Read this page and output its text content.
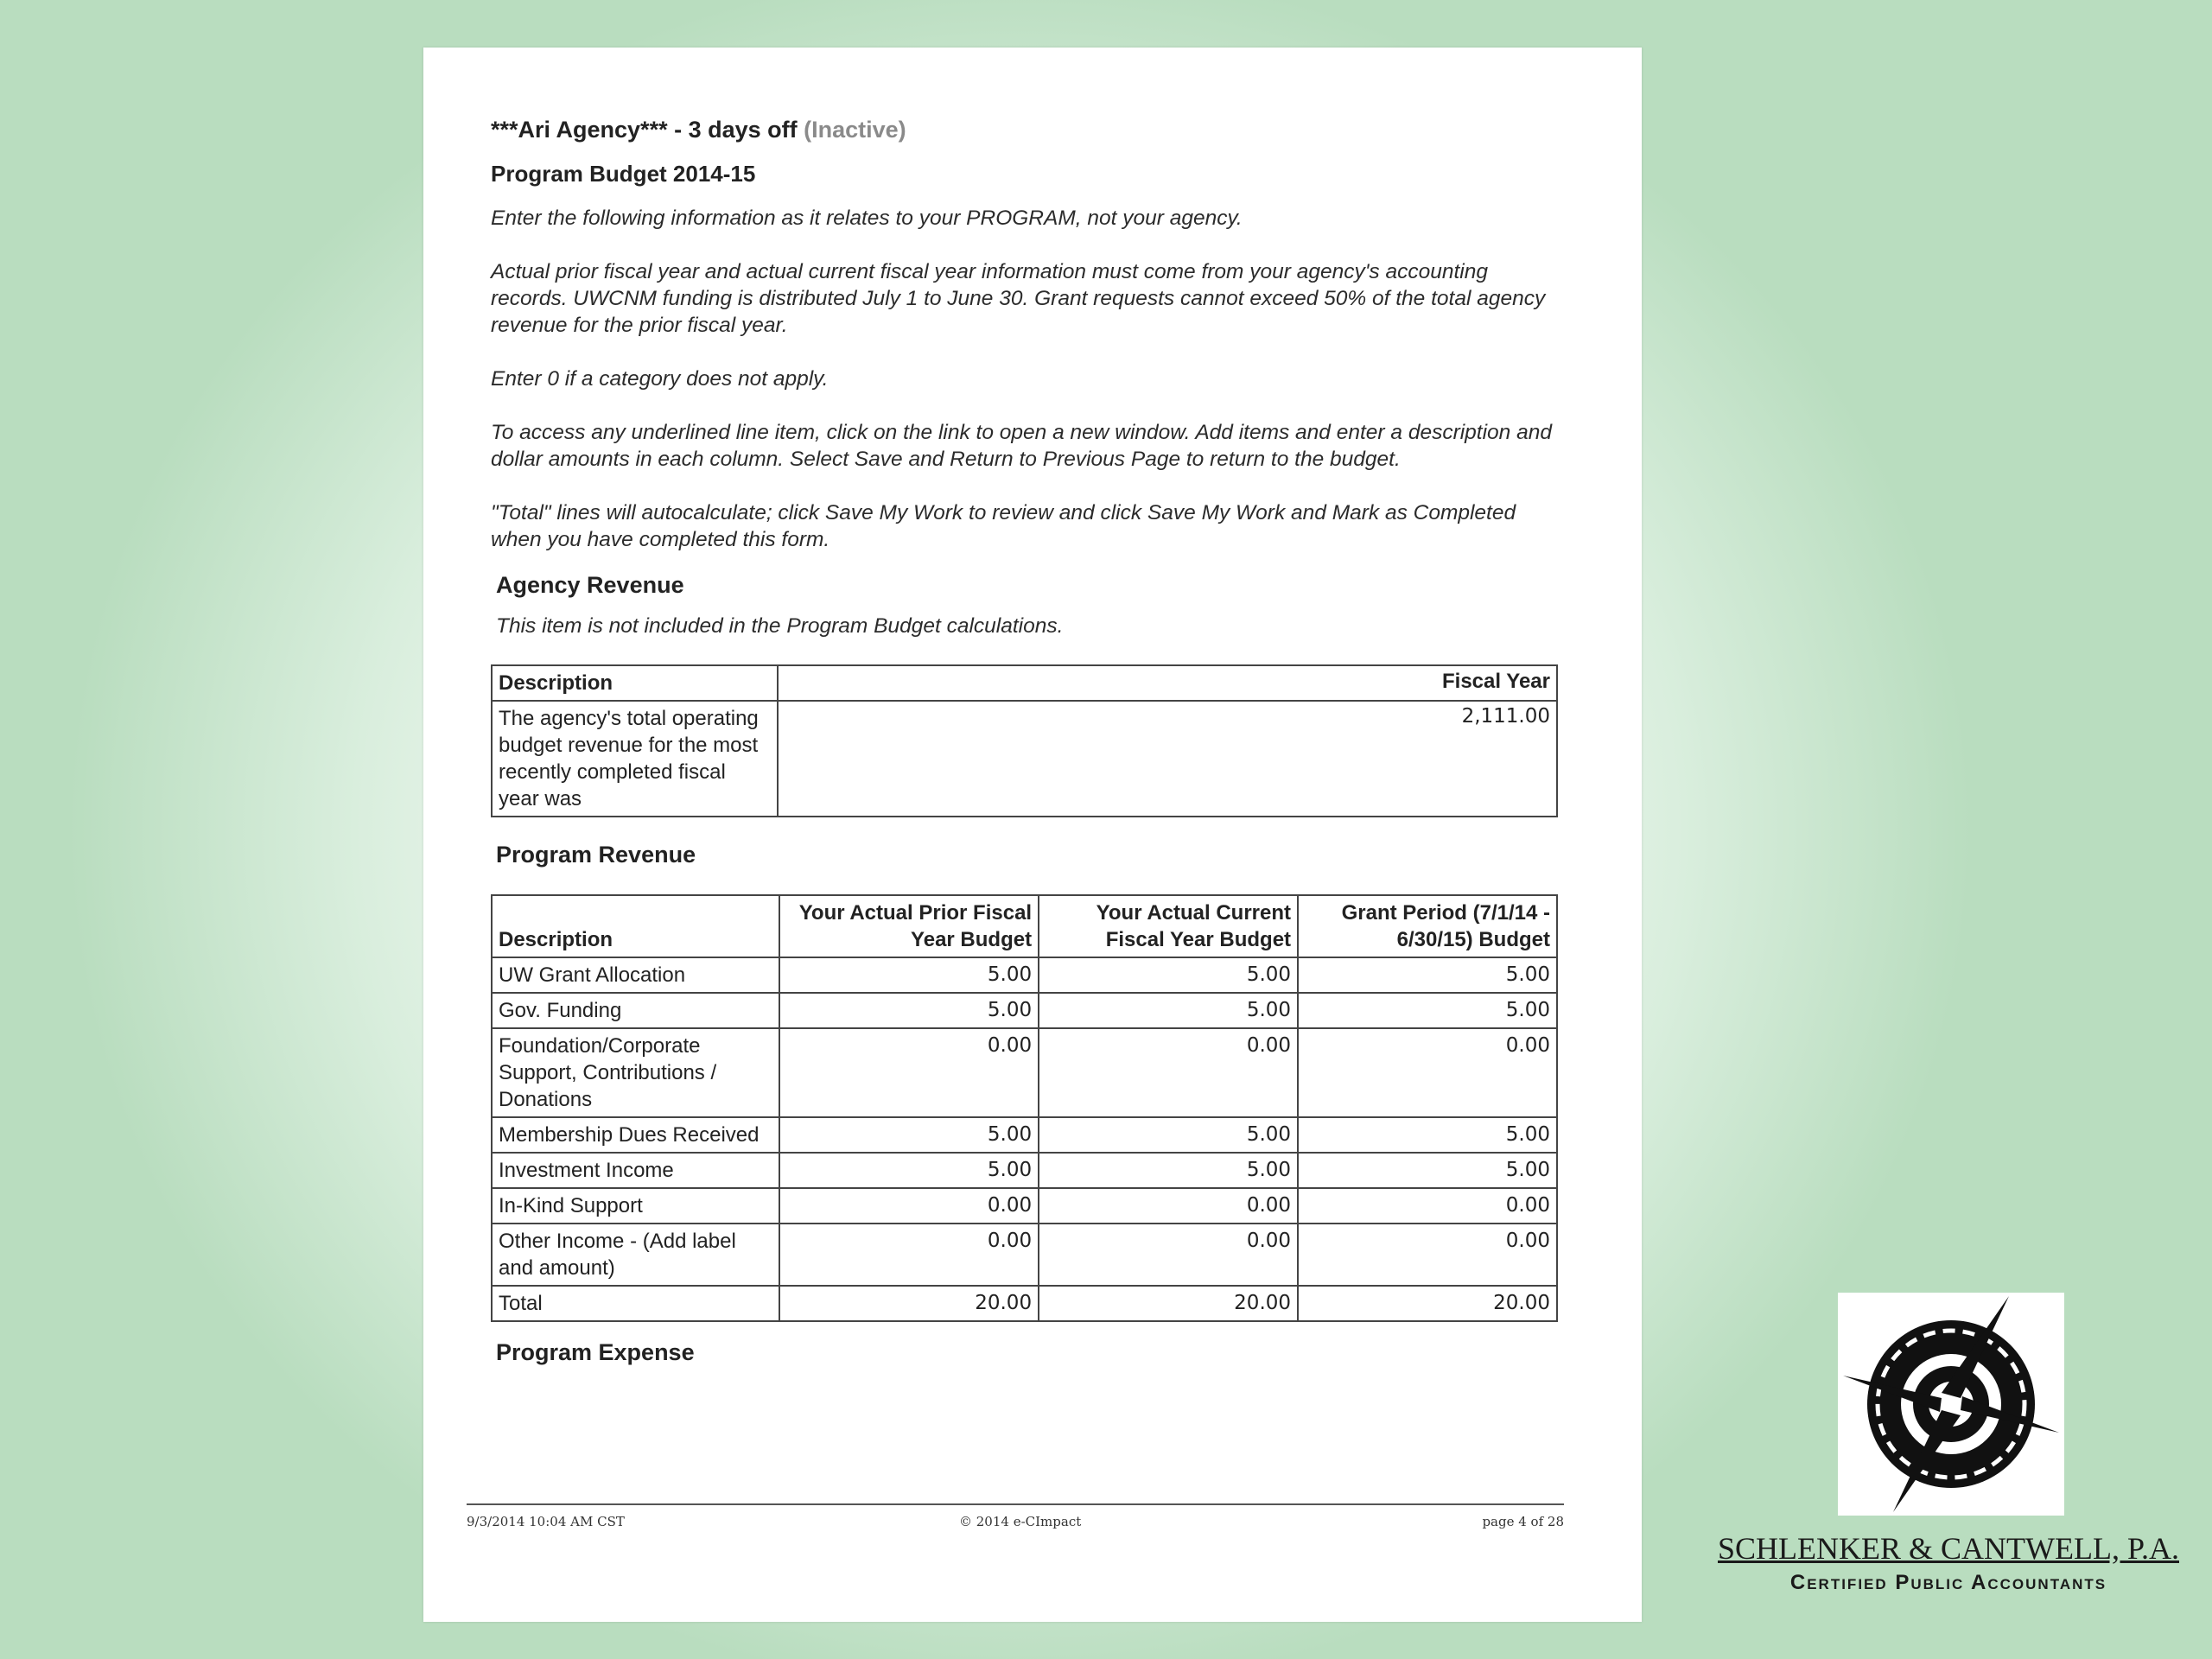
***Ari Agency*** - 3 days off (Inactive)
Program Budget 2014-15

Enter the following information as it relates to your PROGRAM, not your agency.

Actual prior fiscal year and actual current fiscal year information must come from your agency's accounting records. UWCNM funding is distributed July 1 to June 30. Grant requests cannot exceed 50% of the total agency revenue for the prior fiscal year.

Enter 0 if a category does not apply.

To access any underlined line item, click on the link to open a new window. Add items and enter a description and dollar amounts in each column. Select Save and Return to Previous Page to return to the budget.

"Total" lines will autocalculate; click Save My Work to review and click Save My Work and Mark as Completed when you have completed this form.

Agency Revenue
This item is not included in the Program Budget calculations.
Description	Fiscal Year
The agency's total operating budget revenue for the most recently completed fiscal year was	2,111.00
Program Revenue
Description	Your Actual Prior Fiscal Year Budget	Your Actual Current Fiscal Year Budget	Grant Period (7/1/14 - 6/30/15) Budget
UW Grant Allocation	5.00	5.00	5.00
Gov. Funding	5.00	5.00	5.00
Foundation/Corporate Support, Contributions / Donations	0.00	0.00	0.00
Membership Dues Received	5.00	5.00	5.00
Investment Income	5.00	5.00	5.00
In-Kind Support	0.00	0.00	0.00
Other Income - (Add label and amount)	0.00	0.00	0.00
Total	20.00	20.00	20.00
Program Expense
9/3/2014 10:04 AM CST	© 2014 e-CImpact	page 4 of 28
SCHLENKER & CANTWELL, P.A.
Certified Public Accountants
